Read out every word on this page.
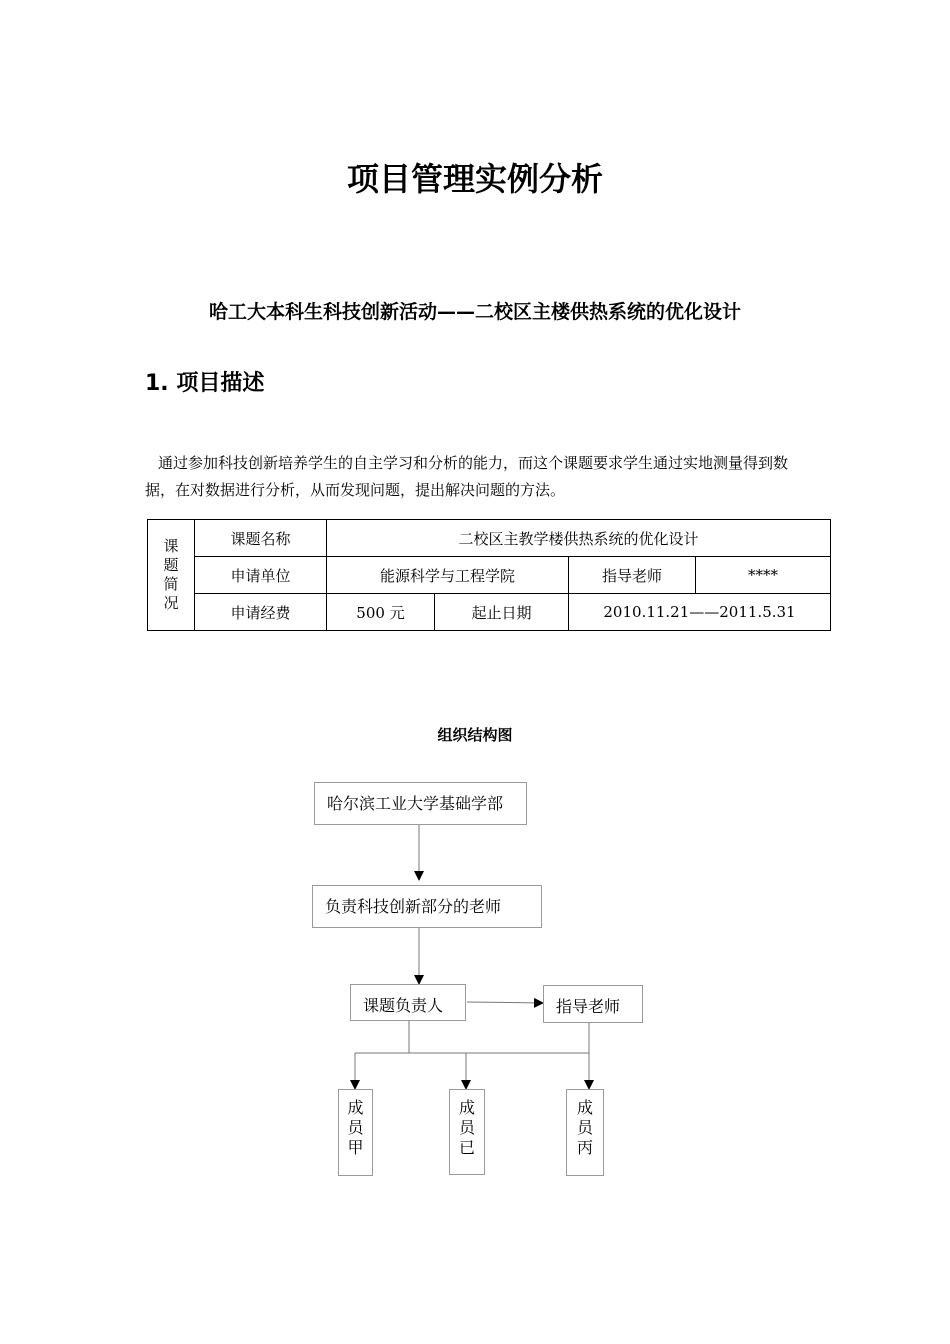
项目管理实例分析
哈工大本科生科技创新活动——二校区主楼供热系统的优化设计
1. 项目描述
通过参加科技创新培养学生的自主学习和分析的能力，而这个课题要求学生通过实地测量得到数据，在对数据进行分析，从而发现问题，提出解决问题的方法。
课
题
简
况	课题名称	二校区主教学楼供热系统的优化设计			
	申请单位	能源科学与工程学院		指导老师	****
	申请经费	500 元	起止日期	2010.11.21——2011.5.31	
组织结构图
哈尔滨工业大学基础学部
负责科技创新部分的老师
课题负责人	指导老师
成
员
甲
成
员
已
成
员
丙
